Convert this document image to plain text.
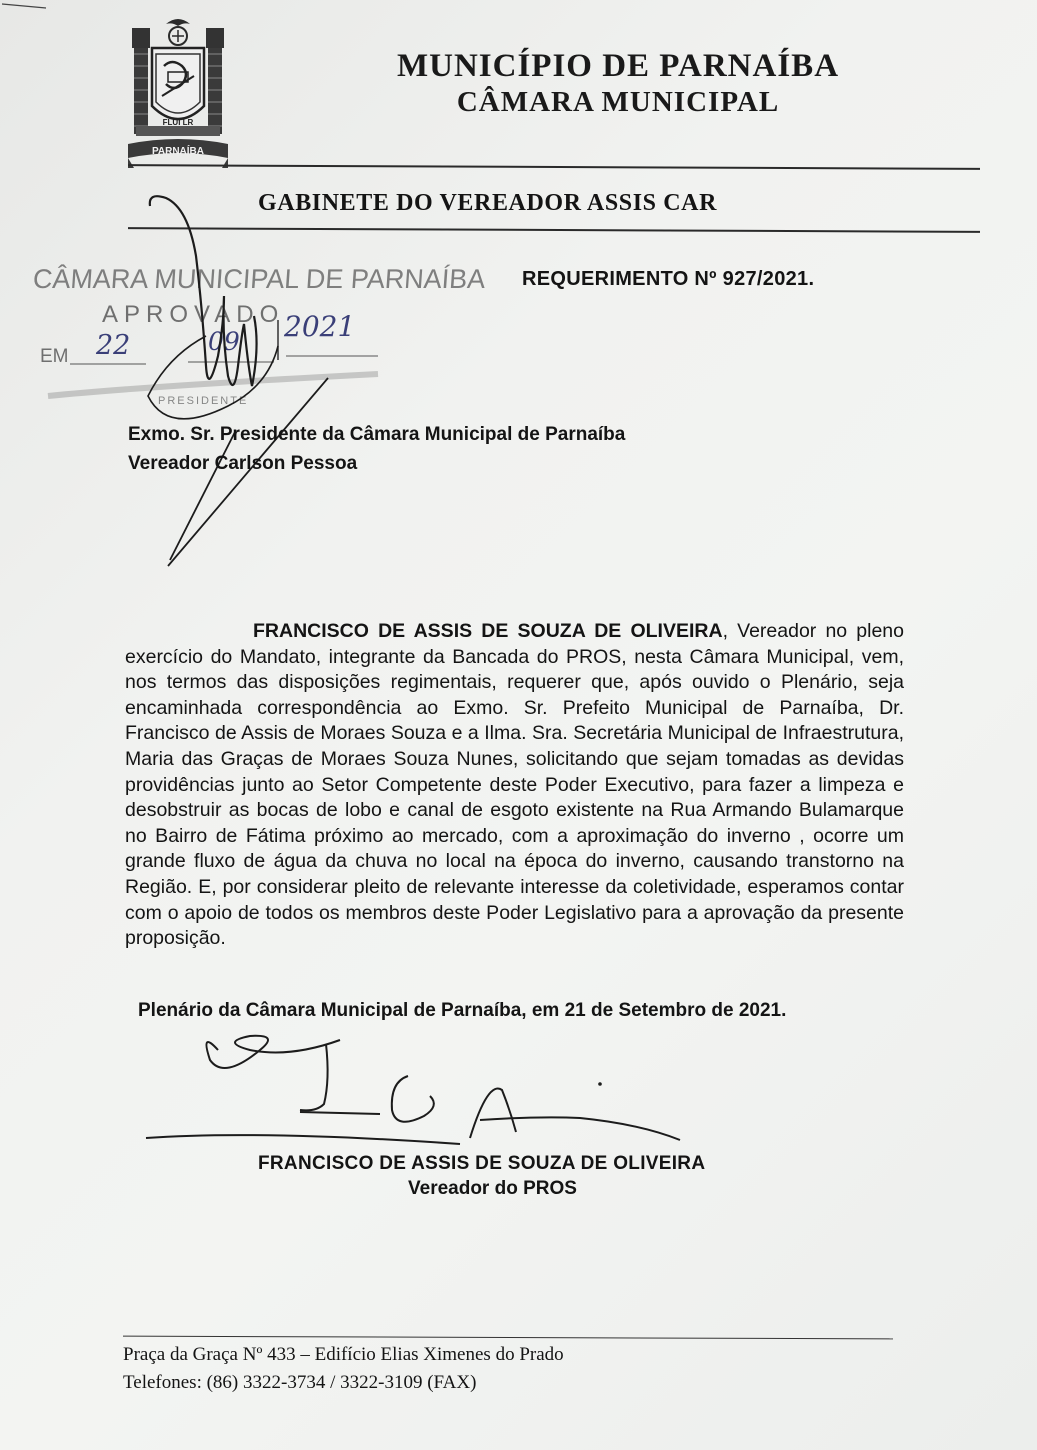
FLUI LR
PARNAÍBA
MUNICÍPIO DE PARNAÍBA
CÂMARA MUNICIPAL
GABINETE DO VEREADOR ASSIS CAR
REQUERIMENTO Nº 927/2021.
CÂMARA MUNICIPAL DE PARNAÍBA
APROVADO
EM
PRESIDENTE
22	09 2021
Exmo. Sr. Presidente da Câmara Municipal de Parnaíba
Vereador Carlson Pessoa
FRANCISCO DE ASSIS DE SOUZA DE OLIVEIRA, Vereador no pleno exercício do Mandato, integrante da Bancada do PROS, nesta Câmara Municipal, vem, nos termos das disposições regimentais, requerer que, após ouvido o Plenário, seja encaminhada correspondência ao Exmo. Sr. Prefeito Municipal de Parnaíba, Dr. Francisco de Assis de Moraes Souza e a Ilma. Sra. Secretária Municipal de Infraestrutura, Maria das Graças de Moraes Souza Nunes, solicitando que sejam tomadas as devidas providências junto ao Setor Competente deste Poder Executivo, para fazer a limpeza e desobstruir as bocas de lobo e canal de esgoto existente na Rua Armando Bulamarque no Bairro de Fátima próximo ao mercado, com a aproximação do inverno , ocorre um grande fluxo de água da chuva no local na época do inverno, causando transtorno na Região. E, por considerar pleito de relevante interesse da coletividade, esperamos contar com o apoio de todos os membros deste Poder Legislativo para a aprovação da presente proposição.
Plenário da Câmara Municipal de Parnaíba, em 21 de Setembro de 2021.
FRANCISCO DE ASSIS DE SOUZA DE OLIVEIRA
Vereador do PROS
Praça da Graça Nº 433 – Edifício Elias Ximenes do Prado
Telefones: (86) 3322-3734 / 3322-3109 (FAX)
